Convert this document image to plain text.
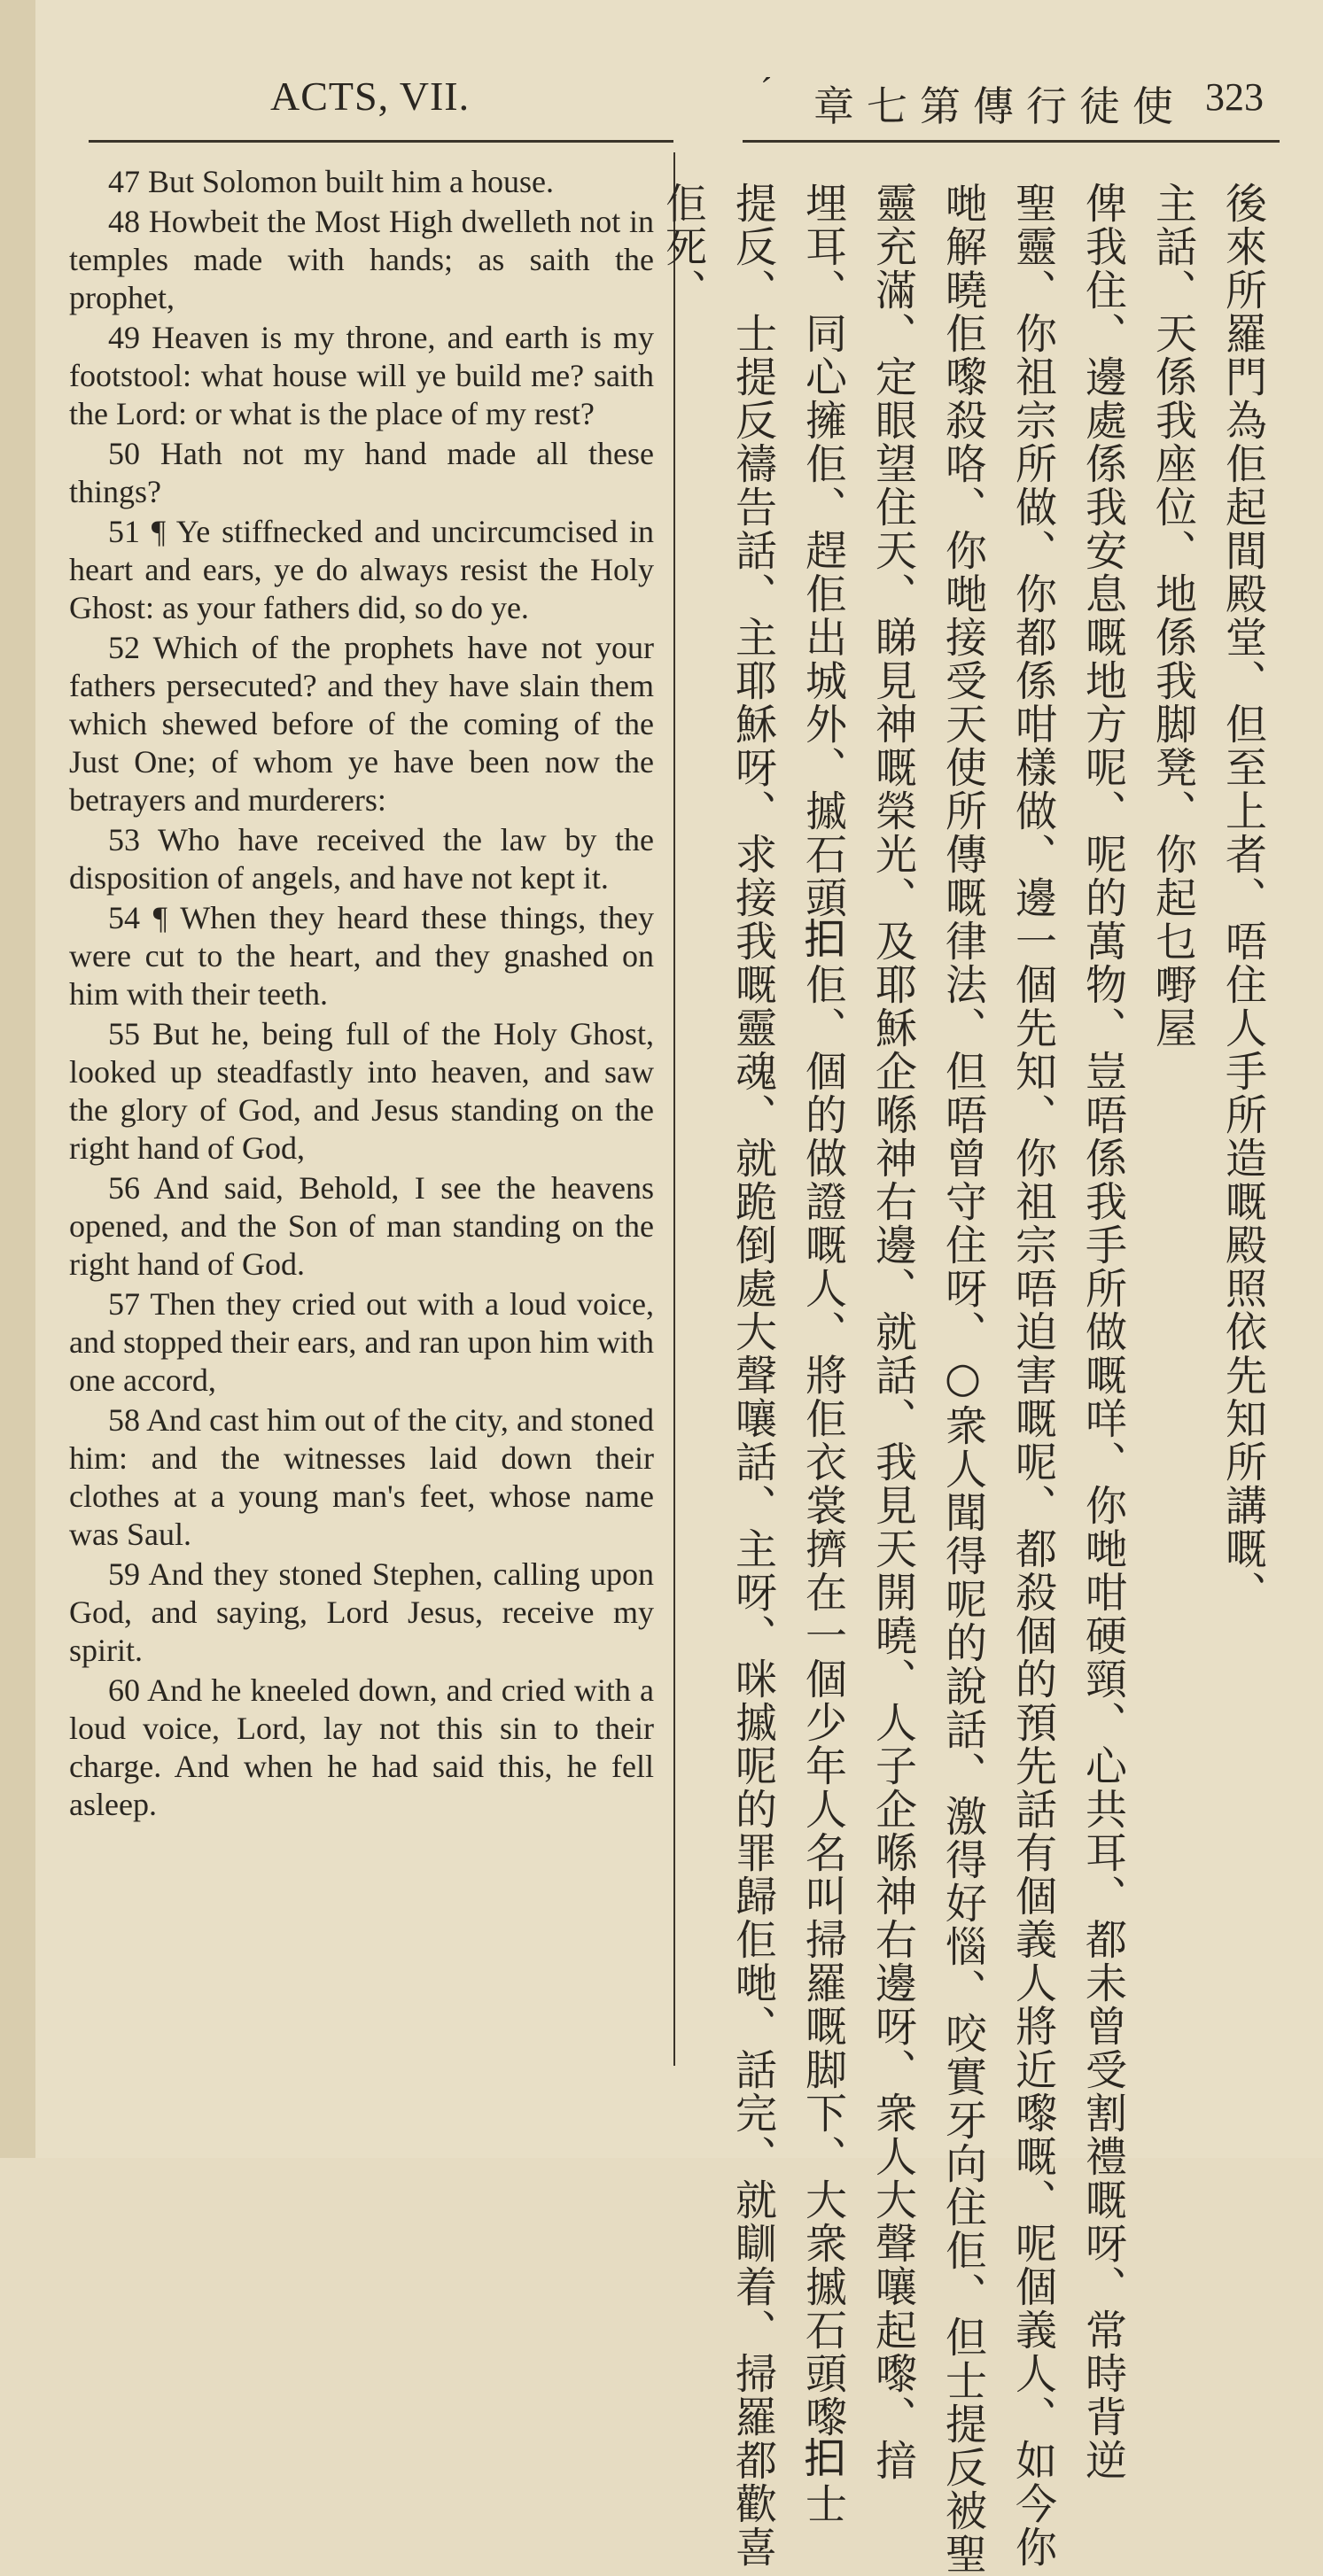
ACTS, VII.	ˊ 章七第傳行徒使 323

47 But Solomon built him a house.

48 Howbeit the Most High dwelleth not in temples made with hands; as saith the prophet,

49 Heaven is my throne, and earth is my footstool: what house will ye build me? saith the Lord: or what is the place of my rest?

50 Hath not my hand made all these things?

51 ¶ Ye stiffnecked and uncircumcised in heart and ears, ye do always resist the Holy Ghost: as your fathers did, so do ye.

52 Which of the prophets have not your fathers persecuted? and they have slain them which shewed before of the coming of the Just One; of whom ye have been now the betrayers and murderers:

53 Who have received the law by the disposition of angels, and have not kept it.

54 ¶ When they heard these things, they were cut to the heart, and they gnashed on him with their teeth.

55 But he, being full of the Holy Ghost, looked up steadfastly into heaven, and saw the glory of God, and Jesus standing on the right hand of God,

56 And said, Behold, I see the heavens opened, and the Son of man standing on the right hand of God.

57 Then they cried out with a loud voice, and stopped their ears, and ran upon him with one accord,

58 And cast him out of the city, and stoned him: and the witnesses laid down their clothes at a young man's feet, whose name was Saul.

59 And they stoned Stephen, calling upon God, and saying, Lord Jesus, receive my spirit.

60 And he kneeled down, and cried with a loud voice, Lord, lay not this sin to their charge. And when he had said this, he fell asleep.

後來所羅門為佢起間殿堂、但至上者、唔住人手所造嘅殿照依先知所講嘅、
主話、天係我座位、地係我脚凳、你起乜嘢屋
俾我住、邊處係我安息嘅地方呢、呢的萬物、豈唔係我手所做嘅咩、你哋咁硬頸、心共耳、都未曾受割禮嘅呀、常時背逆
聖靈、你祖宗所做、你都係咁樣做、邊一個先知、你祖宗唔迫害嘅呢、都殺個的預先話有個義人將近嚟嘅、呢個義人、如今你
哋解曉佢嚟殺咯、你哋接受天使所傳嘅律法、但唔曾守住呀、○衆人聞得呢的說話、激得好惱、咬實牙向住佢、但士提反被聖
靈充滿、定眼望住天、睇見神嘅榮光、及耶穌企喺神右邊、就話、我見天開曉、人子企喺神右邊呀、衆人大聲嚷起嚟、揞
埋耳、同心擁佢、趕佢出城外、摵石頭𢪏佢、個的做證嘅人、將佢衣裳擠在一個少年人名叫掃羅嘅脚下、大衆摵石頭嚟𢪏士
提反、士提反禱告話、主耶穌呀、求接我嘅靈魂、就跪倒處大聲嚷話、主呀、咪摵呢的罪歸佢哋、話完、就瞓着、掃羅都歡喜
佢死、
